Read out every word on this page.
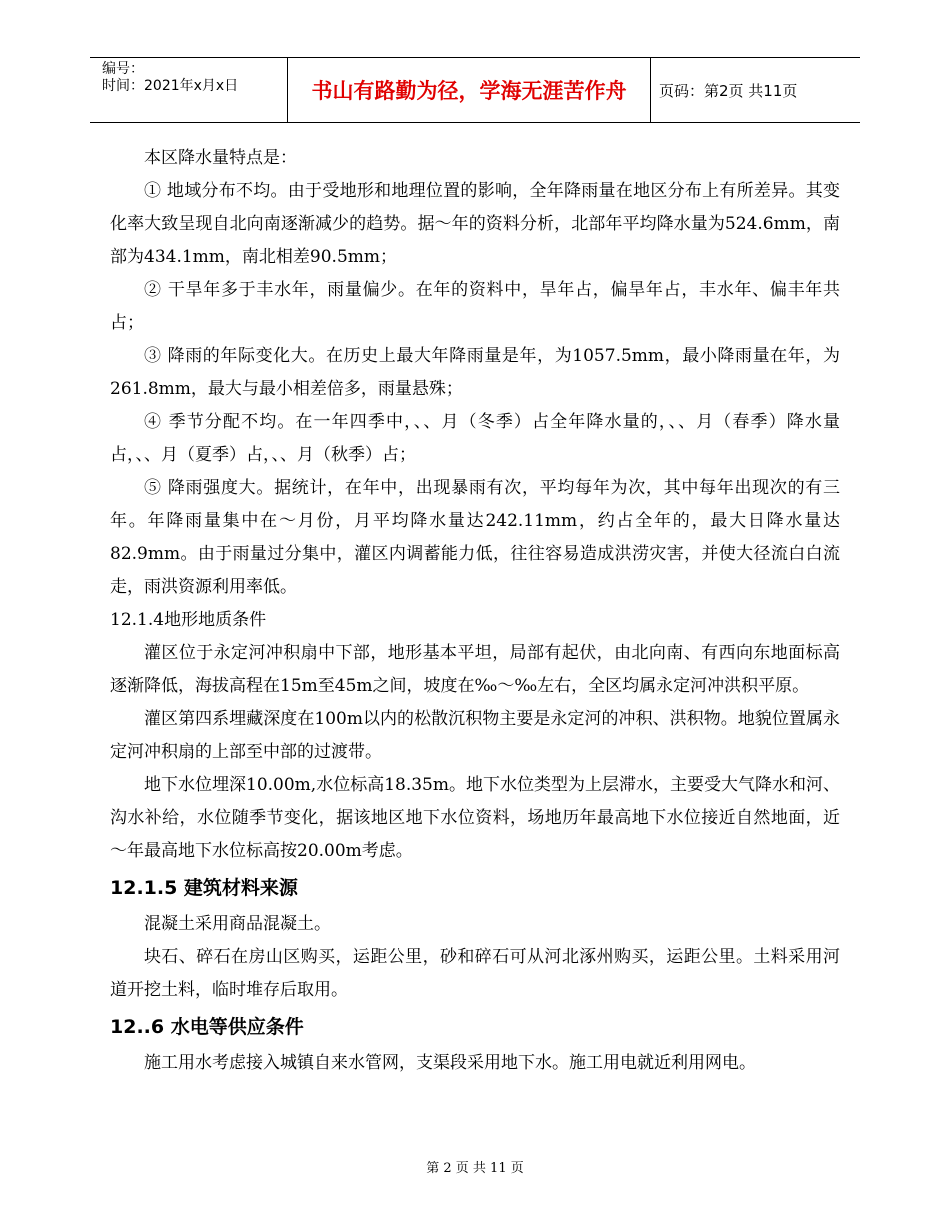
编号：
时间：2021年x月x日	书山有路勤为径，学海无涯苦作舟	页码：第2页 共11页

本区降水量特点是：

① 地域分布不均。由于受地形和地理位置的影响，全年降雨量在地区分布上有所差异。其变化率大致呈现自北向南逐渐减少的趋势。据～年的资料分析，北部年平均降水量为524.6mm，南部为434.1mm，南北相差90.5mm；

② 干旱年多于丰水年，雨量偏少。在年的资料中，旱年占，偏旱年占，丰水年、偏丰年共占；

③ 降雨的年际变化大。在历史上最大年降雨量是年，为1057.5mm，最小降雨量在年，为261.8mm，最大与最小相差倍多，雨量悬殊；

④ 季节分配不均。在一年四季中，、、月（冬季）占全年降水量的，、、月（春季）降水量占，、、月（夏季）占，、、月（秋季）占；

⑤ 降雨强度大。据统计，在年中，出现暴雨有次，平均每年为次，其中每年出现次的有三年。年降雨量集中在～月份，月平均降水量达242.11mm，约占全年的，最大日降水量达82.9mm。由于雨量过分集中，灌区内调蓄能力低，往往容易造成洪涝灾害，并使大径流白白流走，雨洪资源利用率低。

12.1.4地形地质条件

灌区位于永定河冲积扇中下部，地形基本平坦，局部有起伏，由北向南、有西向东地面标高逐渐降低，海拔高程在15m至45m之间，坡度在‰～‰左右，全区均属永定河冲洪积平原。

灌区第四系埋藏深度在100m以内的松散沉积物主要是永定河的冲积、洪积物。地貌位置属永定河冲积扇的上部至中部的过渡带。

地下水位埋深10.00m,水位标高18.35m。地下水位类型为上层滞水，主要受大气降水和河、沟水补给，水位随季节变化，据该地区地下水位资料，场地历年最高地下水位接近自然地面，近～年最高地下水位标高按20.00m考虑。

12.1.5 建筑材料来源

混凝土采用商品混凝土。

块石、碎石在房山区购买，运距公里，砂和碎石可从河北涿州购买，运距公里。土料采用河道开挖土料，临时堆存后取用。

12..6 水电等供应条件

施工用水考虑接入城镇自来水管网，支渠段采用地下水。施工用电就近利用网电。

第 2 页 共 11 页
